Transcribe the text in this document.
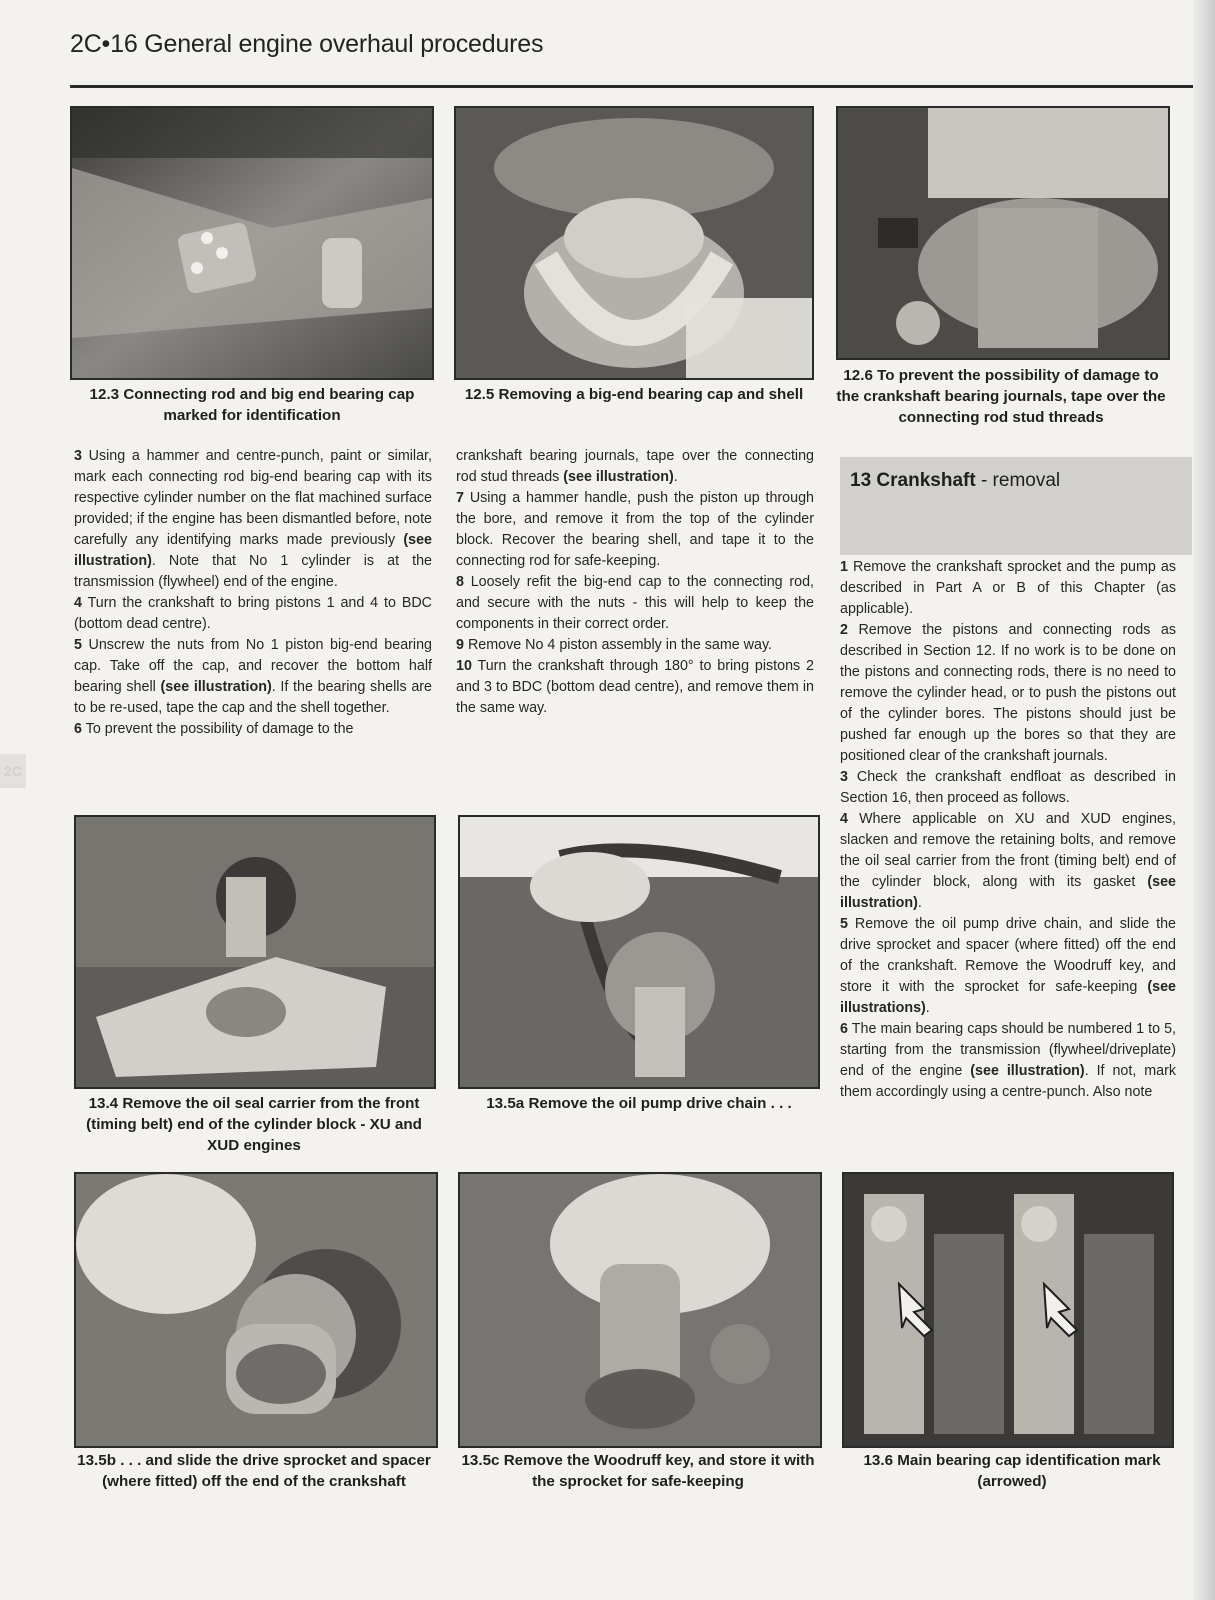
2C
2C•16 General engine overhaul procedures
12.3 Connecting rod and big end bearing cap marked for identification
12.5 Removing a big-end bearing cap and shell
12.6 To prevent the possibility of damage to the crankshaft bearing journals, tape over the connecting rod stud threads

3 Using a hammer and centre-punch, paint or similar, mark each connecting rod big-end bearing cap with its respective cylinder number on the flat machined surface provided; if the engine has been dismantled before, note carefully any identifying marks made previously (see illustration). Note that No 1 cylinder is at the transmission (flywheel) end of the engine.

4 Turn the crankshaft to bring pistons 1 and 4 to BDC (bottom dead centre).

5 Unscrew the nuts from No 1 piston big-end bearing cap. Take off the cap, and recover the bottom half bearing shell (see illustration). If the bearing shells are to be re-used, tape the cap and the shell together.

6 To prevent the possibility of damage to the

crankshaft bearing journals, tape over the connecting rod stud threads (see illustration).

7 Using a hammer handle, push the piston up through the bore, and remove it from the top of the cylinder block. Recover the bearing shell, and tape it to the connecting rod for safe-keeping.

8 Loosely refit the big-end cap to the connecting rod, and secure with the nuts - this will help to keep the components in their correct order.

9 Remove No 4 piston assembly in the same way.

10 Turn the crankshaft through 180° to bring pistons 2 and 3 to BDC (bottom dead centre), and remove them in the same way.

13 Crankshaft - removal

1 Remove the crankshaft sprocket and the pump as described in Part A or B of this Chapter (as applicable).

2 Remove the pistons and connecting rods as described in Section 12. If no work is to be done on the pistons and connecting rods, there is no need to remove the cylinder head, or to push the pistons out of the cylinder bores. The pistons should just be pushed far enough up the bores so that they are positioned clear of the crankshaft journals.

3 Check the crankshaft endfloat as described in Section 16, then proceed as follows.

4 Where applicable on XU and XUD engines, slacken and remove the retaining bolts, and remove the oil seal carrier from the front (timing belt) end of the cylinder block, along with its gasket (see illustration).

5 Remove the oil pump drive chain, and slide the drive sprocket and spacer (where fitted) off the end of the crankshaft. Remove the Woodruff key, and store it with the sprocket for safe-keeping (see illustrations).

6 The main bearing caps should be numbered 1 to 5, starting from the transmission (flywheel/driveplate) end of the engine (see illustration). If not, mark them accordingly using a centre-punch. Also note

13.4 Remove the oil seal carrier from the front (timing belt) end of the cylinder block - XU and XUD engines
13.5a Remove the oil pump drive chain . . .
13.5b . . . and slide the drive sprocket and spacer (where fitted) off the end of the crankshaft
13.5c Remove the Woodruff key, and store it with the sprocket for safe-keeping
13.6 Main bearing cap identification mark (arrowed)
